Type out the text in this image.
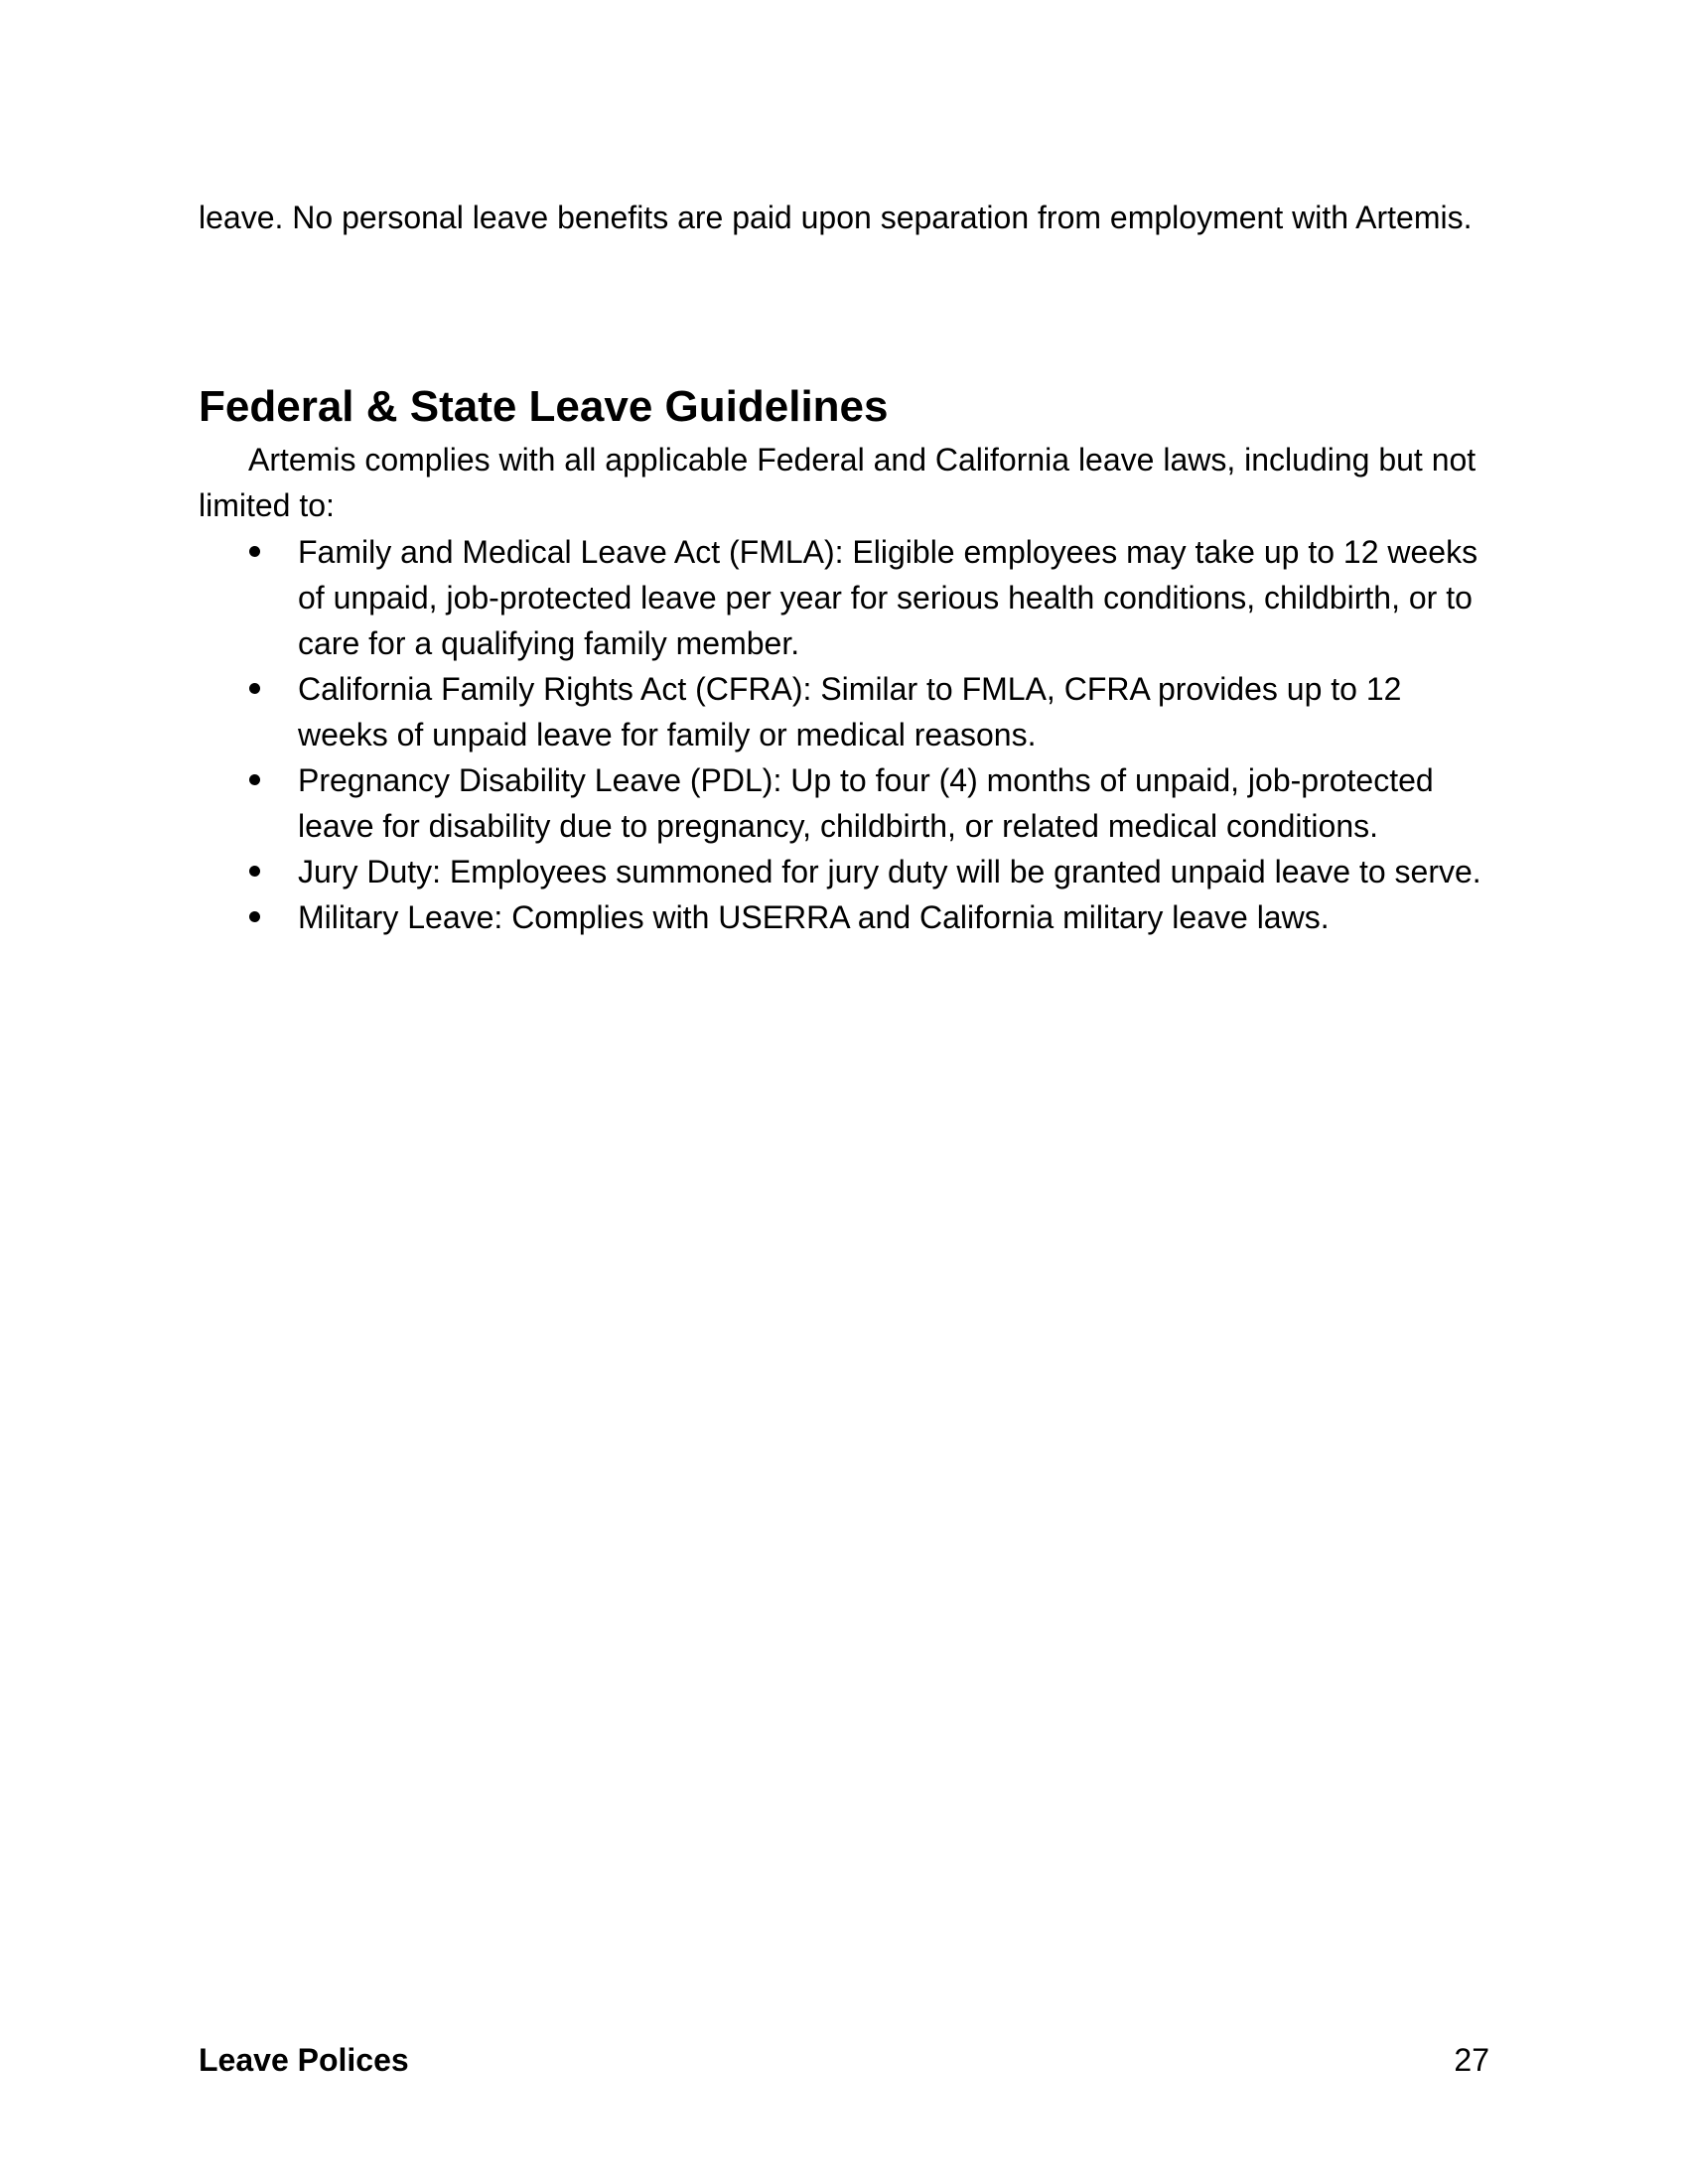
leave. No personal leave benefits are paid upon separation from employment with Artemis.

Federal & State Leave Guidelines

Artemis complies with all applicable Federal and California leave laws, including but not limited to:

Family and Medical Leave Act (FMLA): Eligible employees may take up to 12 weeks of unpaid, job-protected leave per year for serious health conditions, childbirth, or to care for a qualifying family member.
California Family Rights Act (CFRA): Similar to FMLA, CFRA provides up to 12 weeks of unpaid leave for family or medical reasons.
Pregnancy Disability Leave (PDL): Up to four (4) months of unpaid, job-protected leave for disability due to pregnancy, childbirth, or related medical conditions.
Jury Duty: Employees summoned for jury duty will be granted unpaid leave to serve.
Military Leave: Complies with USERRA and California military leave laws.
Leave Polices	27
